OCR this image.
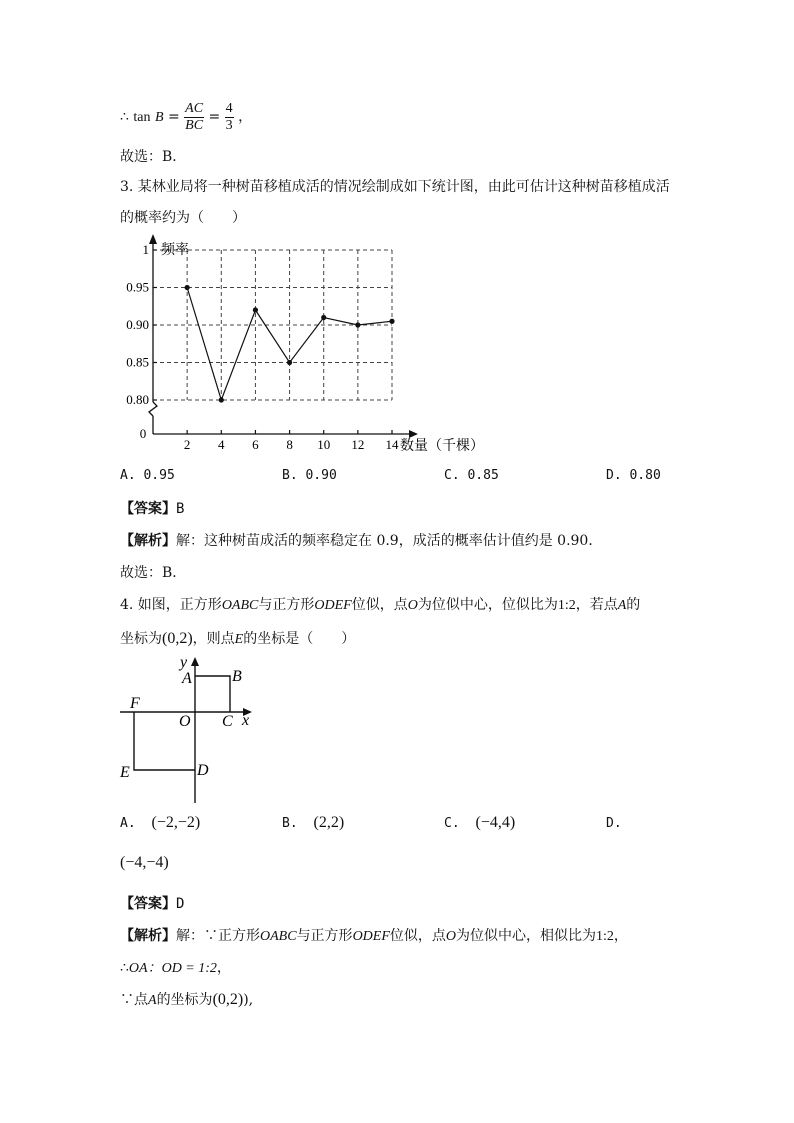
∴ $\tan B = \frac{AC}{BC} = \frac{4}{3}$ ，
故选：B．
3. 某林业局将一种树苗移植成活的情况绘制成如下统计图，由此可估计这种树苗移植成活
的概率约为（　　）
1
0.95
0.90
0.85
0.80
2 4 6 8 10 12 14
0
频率
数量（千棵）
A. 0.95	B. 0.90	C. 0.85	D. 0.80
【答案】B
【解析】解：这种树苗成活的频率稳定在 0.9，成活的概率估计值约是 0.90．
故选：B．
4. 如图，正方形OABC与正方形ODEF位似，点O为位似中心，位似比为1:2，若点A的
坐标为(0,2)，则点E的坐标是（　　）
y
A	B
F
O C x
E	D
A. (−2,−2)	B. (2,2)	C. (−4,4)	D.
(−4,−4)
【答案】D
【解析】解：∵正方形OABC与正方形ODEF位似，点O为位似中心，相似比为1:2，
∴OA：OD = 1:2，
∵点A的坐标为(0,2)),
